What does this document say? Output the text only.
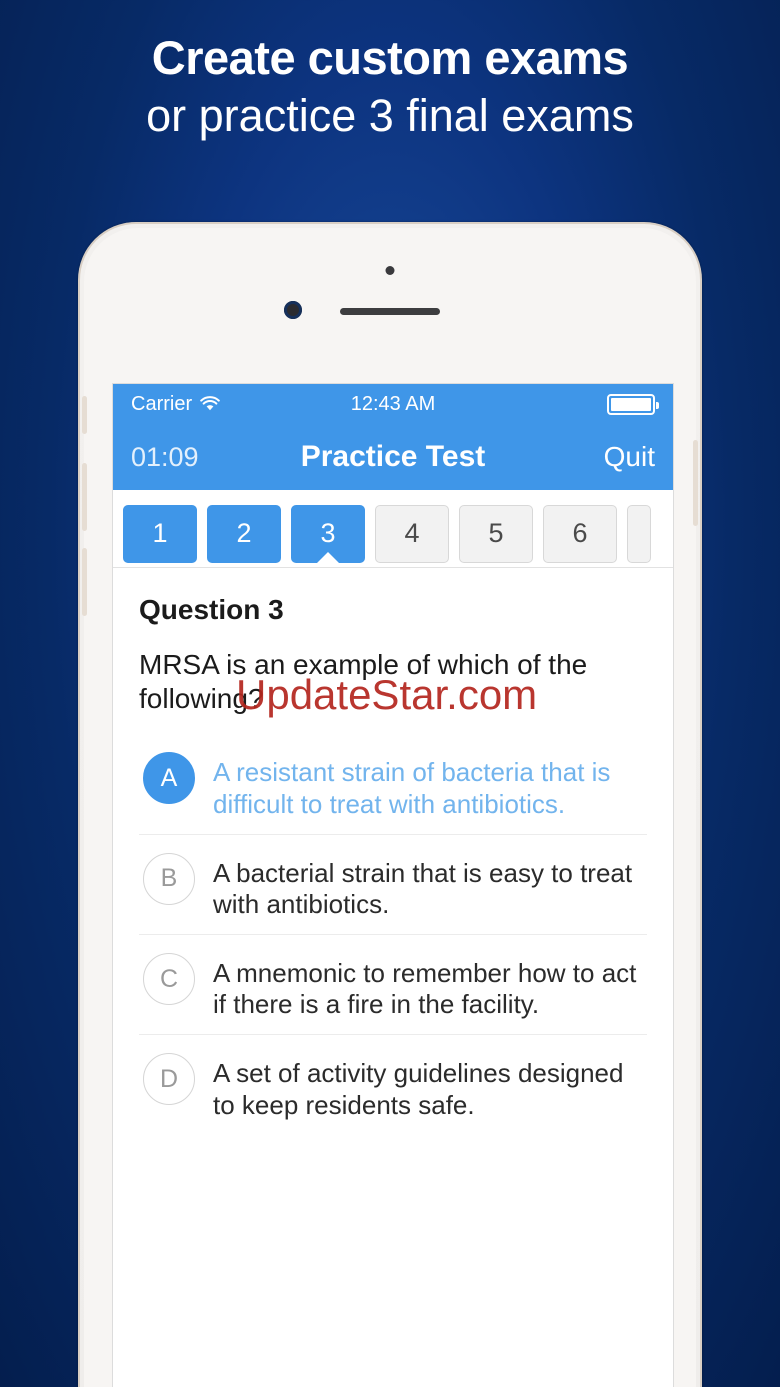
Create custom exams
or practice 3 final exams
Carrier	12:43 AM
01:09	Practice Test	Quit
1	2	3	4	5	6
Question 3
MRSA is an example of which of the following?
A	A resistant strain of bacteria that is difficult to treat with antibiotics.
B	A bacterial strain that is easy to treat with antibiotics.
C	A mnemonic to remember how to act if there is a fire in the facility.
D	A set of activity guidelines designed to keep residents safe.
UpdateStar.com
